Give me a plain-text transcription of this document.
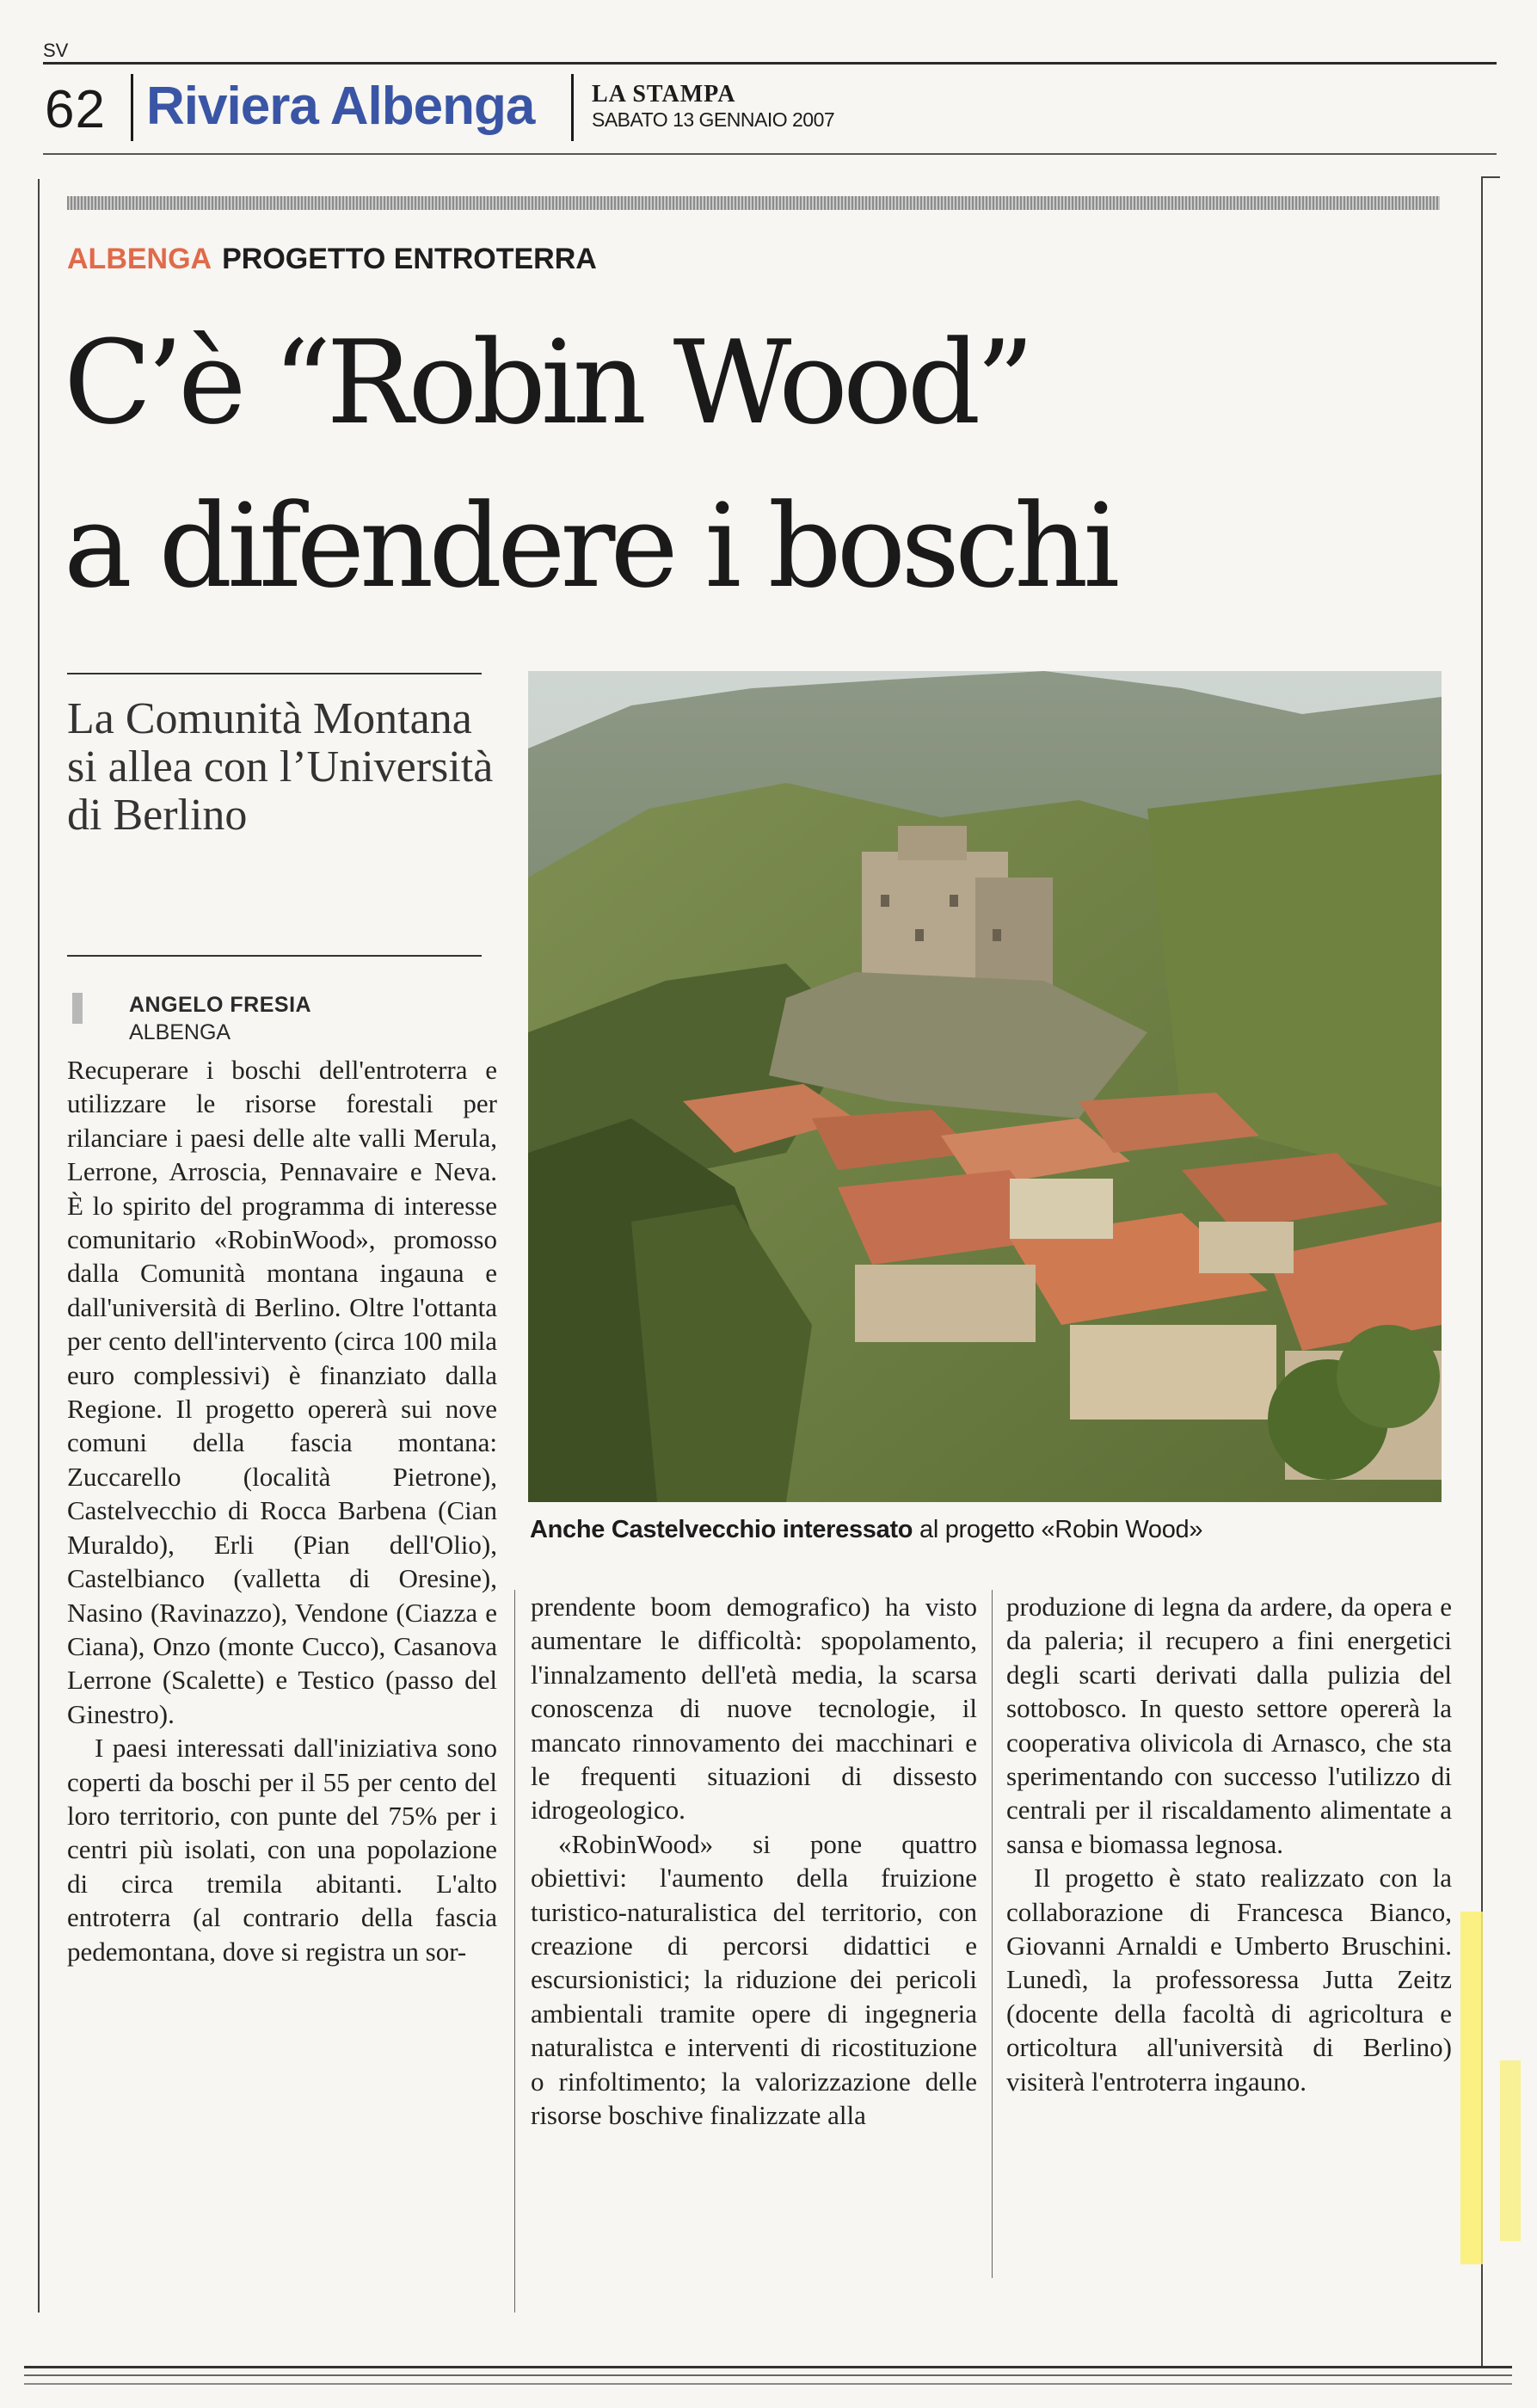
SV
62 Riviera Albenga LA STAMPA
SABATO 13 GENNAIO 2007
ALBENGA PROGETTO ENTROTERRA
C’è “Robin Wood”
a difendere i boschi
La Comunità Montana si allea con l’Università di Berlino
ANGELO FRESIA
ALBENGA
Anche Castelvecchio interessato al progetto «Robin Wood»

Recuperare i boschi dell'entroterra e utilizzare le risorse forestali per rilanciare i paesi delle alte valli Merula, Lerrone, Arroscia, Pennavaire e Neva. È lo spirito del programma di interesse comunitario «RobinWood», promosso dalla Comunità montana ingauna e dall'università di Berlino. Oltre l'ottanta per cento dell'intervento (circa 100 mila euro complessivi) è finanziato dalla Regione. Il progetto opererà sui nove comuni della fascia montana: Zuccarello (località Pietrone), Castelvecchio di Rocca Barbena (Cian Muraldo), Erli (Pian dell'Olio), Castelbianco (valletta di Oresine), Nasino (Ravinazzo), Vendone (Ciazza e Ciana), Onzo (monte Cucco), Casanova Lerrone (Scalette) e Testico (passo del Ginestro).

I paesi interessati dall'iniziativa sono coperti da boschi per il 55 per cento del loro territorio, con punte del 75% per i centri più isolati, con una popolazione di circa tremila abitanti. L'alto entroterra (al contrario della fascia pedemontana, dove si registra un sor-

prendente boom demografico) ha visto aumentare le difficoltà: spopolamento, l'innalzamento dell'età media, la scarsa conoscenza di nuove tecnologie, il mancato rinnovamento dei macchinari e le frequenti situazioni di dissesto idrogeologico.

«RobinWood» si pone quattro obiettivi: l'aumento della fruizione turistico-naturalistica del territorio, con creazione di percorsi didattici e escursionistici; la riduzione dei pericoli ambientali tramite opere di ingegneria naturalistca e interventi di ricostituzione o rinfoltimento; la valorizzazione delle risorse boschive finalizzate alla

produzione di legna da ardere, da opera e da paleria; il recupero a fini energetici degli scarti derivati dalla pulizia del sottobosco. In questo settore opererà la cooperativa olivicola di Arnasco, che sta sperimentando con successo l'utilizzo di centrali per il riscaldamento alimentate a sansa e biomassa legnosa.

Il progetto è stato realizzato con la collaborazione di Francesca Bianco, Giovanni Arnaldi e Umberto Bruschini. Lunedì, la professoressa Jutta Zeitz (docente della facoltà di agricoltura e orticoltura all'università di Berlino) visiterà l'entroterra ingauno.
